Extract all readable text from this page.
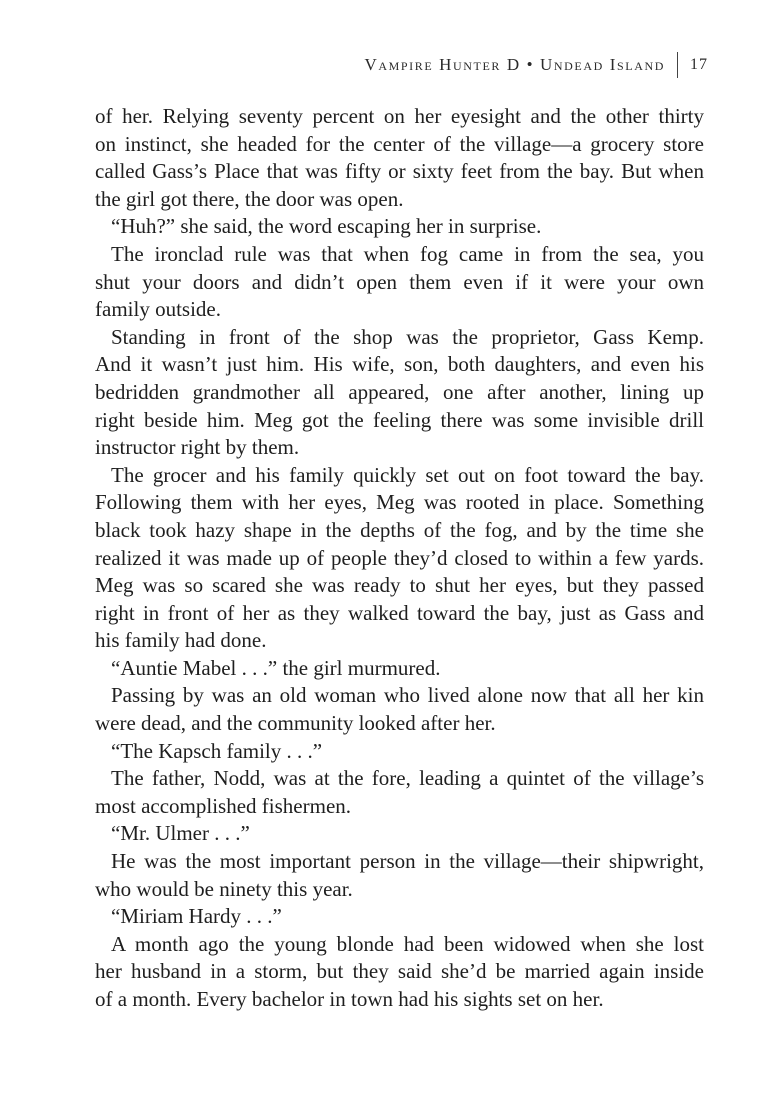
Vampire Hunter D • Undead Island 17
of her. Relying seventy percent on her eyesight and the other thirty
on instinct, she headed for the center of the village—a grocery store
called Gass’s Place that was fifty or sixty feet from the bay. But when
the girl got there, the door was open.
“Huh?” she said, the word escaping her in surprise.
The ironclad rule was that when fog came in from the sea, you
shut your doors and didn’t open them even if it were your own
family outside.
Standing in front of the shop was the proprietor, Gass Kemp.
And it wasn’t just him. His wife, son, both daughters, and even his
bedridden grandmother all appeared, one after another, lining up
right beside him. Meg got the feeling there was some invisible drill
instructor right by them.
The grocer and his family quickly set out on foot toward the bay.
Following them with her eyes, Meg was rooted in place. Something
black took hazy shape in the depths of the fog, and by the time she
realized it was made up of people they’d closed to within a few yards.
Meg was so scared she was ready to shut her eyes, but they passed
right in front of her as they walked toward the bay, just as Gass and
his family had done.
“Auntie Mabel . . .” the girl murmured.
Passing by was an old woman who lived alone now that all her kin
were dead, and the community looked after her.
“The Kapsch family . . .”
The father, Nodd, was at the fore, leading a quintet of the village’s
most accomplished fishermen.
“Mr. Ulmer . . .”
He was the most important person in the village—their shipwright,
who would be ninety this year.
“Miriam Hardy . . .”
A month ago the young blonde had been widowed when she lost
her husband in a storm, but they said she’d be married again inside
of a month. Every bachelor in town had his sights set on her.
